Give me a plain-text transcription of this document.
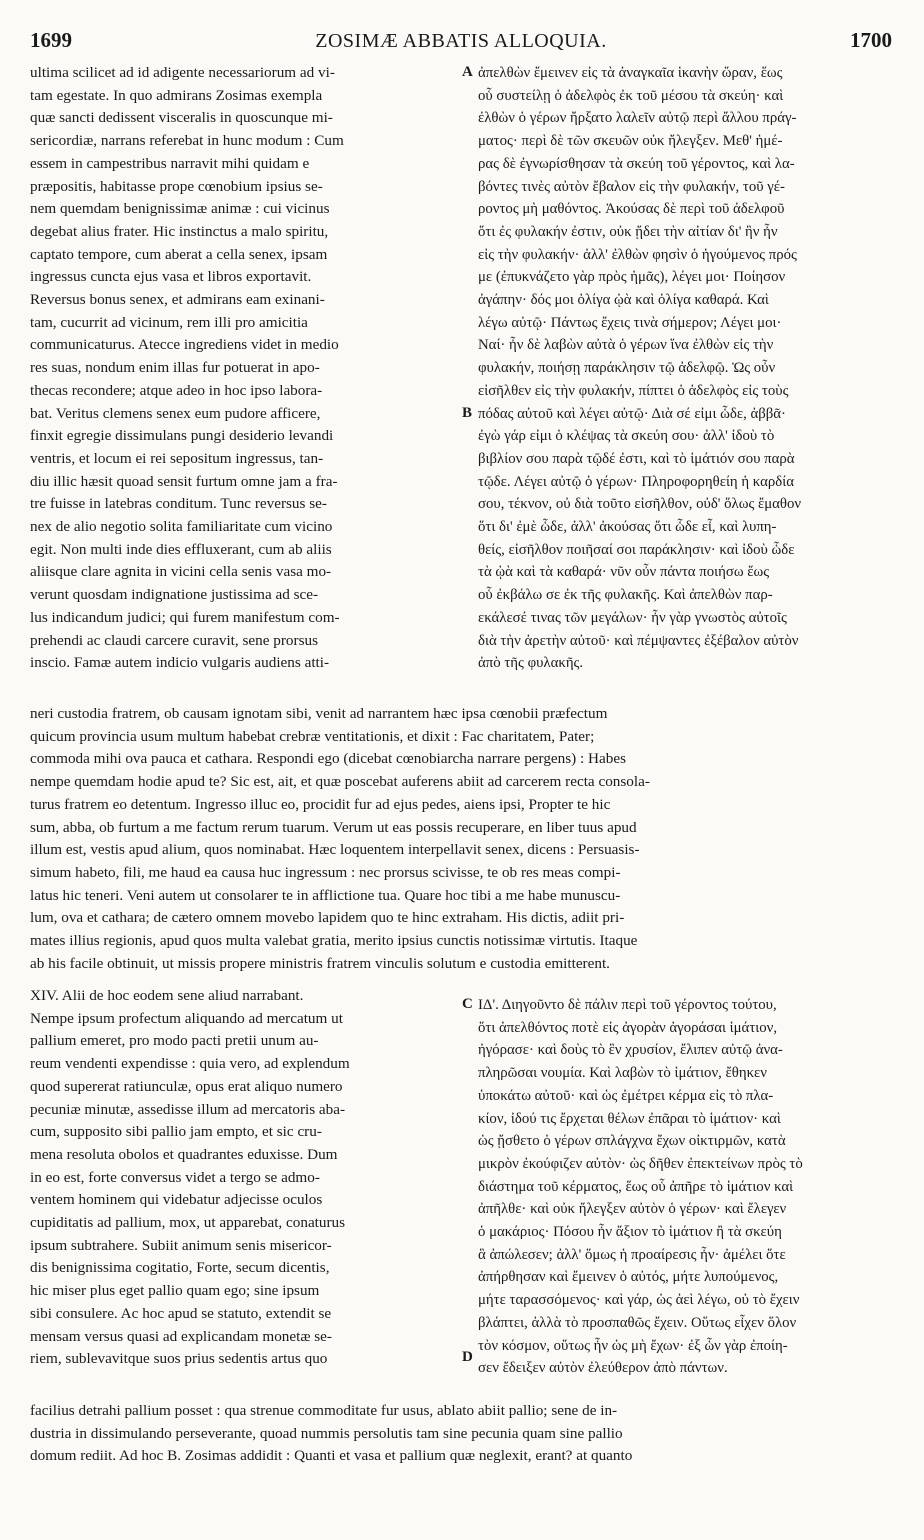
1699	ZOSIMÆ ABBATIS ALLOQUIA.	1700
A
B
C
D

ultima scilicet ad id adigente necessariorum ad vi-

tam egestate. In quo admirans Zosimas exempla

quæ sancti dedissent visceralis in quoscunque mi-

sericordiæ, narrans referebat in hunc modum : Cum

essem in campestribus narravit mihi quidam e

præpositis, habitasse prope cœnobium ipsius se-

nem quemdam benignissimæ animæ : cui vicinus

degebat alius frater. Hic instinctus a malo spiritu,

captato tempore, cum aberat a cella senex, ipsam

ingressus cuncta ejus vasa et libros exportavit.

Reversus bonus senex, et admirans eam exinani-

tam, cucurrit ad vicinum, rem illi pro amicitia

communicaturus. Atecce ingrediens videt in medio

res suas, nondum enim illas fur potuerat in apo-

thecas recondere; atque adeo in hoc ipso labora-

bat. Veritus clemens senex eum pudore afficere,

finxit egregie dissimulans pungi desiderio levandi

ventris, et locum ei rei sepositum ingressus, tan-

diu illic hæsit quoad sensit furtum omne jam a fra-

tre fuisse in latebras conditum. Tunc reversus se-

nex de alio negotio solita familiaritate cum vicino

egit. Non multi inde dies effluxerant, cum ab aliis

aliisque clare agnita in vicini cella senis vasa mo-

verunt quosdam indignatione justissima ad sce-

lus indicandum judici; qui furem manifestum com-

prehendi ac claudi carcere curavit, sene prorsus

inscio. Famæ autem indicio vulgaris audiens atti-

ἀπελθὼν ἔμεινεν εἰς τὰ ἀναγκαῖα ἱκανὴν ὥραν, ἕως

οὗ συστείλῃ ὁ ἀδελφὸς ἐκ τοῦ μέσου τὰ σκεύη· καὶ

ἐλθὼν ὁ γέρων ἤρξατο λαλεῖν αὐτῷ περὶ ἄλλου πράγ-

ματος· περὶ δὲ τῶν σκευῶν οὐκ ἤλεγξεν. Μεθ' ἡμέ-

ρας δὲ ἐγνωρίσθησαν τὰ σκεύη τοῦ γέροντος, καὶ λα-

βόντες τινὲς αὐτὸν ἔβαλον εἰς τὴν φυλακήν, τοῦ γέ-

ροντος μὴ μαθόντος. Ἀκούσας δὲ περὶ τοῦ ἀδελφοῦ

ὅτι ἐς φυλακήν ἐστιν, οὐκ ᾔδει τὴν αἰτίαν δι' ἣν ἦν

εἰς τὴν φυλακήν· ἀλλ' ἐλθὼν φησὶν ὁ ἡγούμενος πρός

με (ἐπυκνάζετο γὰρ πρὸς ἡμᾶς), λέγει μοι· Ποίησον

ἀγάπην· δός μοι ὀλίγα ᾠὰ καὶ ὀλίγα καθαρά. Καὶ

λέγω αὐτῷ· Πάντως ἔχεις τινὰ σήμερον; Λέγει μοι·

Ναί· ἦν δὲ λαβὼν αὐτὰ ὁ γέρων ἵνα ἐλθὼν εἰς τὴν

φυλακήν, ποιήσῃ παράκλησιν τῷ ἀδελφῷ. Ὡς οὖν

εἰσῆλθεν εἰς τὴν φυλακήν, πίπτει ὁ ἀδελφὸς εἰς τοὺς

πόδας αὐτοῦ καὶ λέγει αὐτῷ· Διὰ σέ εἰμι ὧδε, ἀββᾶ·

ἐγὼ γάρ εἰμι ὁ κλέψας τὰ σκεύη σου· ἀλλ' ἰδοὺ τὸ

βιβλίον σου παρὰ τῷδέ ἐστι, καὶ τὸ ἱμάτιόν σου παρὰ

τῷδε. Λέγει αὐτῷ ὁ γέρων· Πληροφορηθείη ἡ καρδία

σου, τέκνον, οὐ διὰ τοῦτο εἰσῆλθον, οὐδ' ὅλως ἔμαθον

ὅτι δι' ἐμὲ ὧδε, ἀλλ' ἀκούσας ὅτι ὧδε εἶ, καὶ λυπη-

θείς, εἰσῆλθον ποιῆσαί σοι παράκλησιν· καὶ ἰδοὺ ὧδε

τὰ ᾠὰ καὶ τὰ καθαρά· νῦν οὖν πάντα ποιήσω ἕως

οὗ ἐκβάλω σε ἐκ τῆς φυλακῆς. Καὶ ἀπελθὼν παρ-

εκάλεσέ τινας τῶν μεγάλων· ἦν γὰρ γνωστὸς αὐτοῖς

διὰ τὴν ἀρετὴν αὐτοῦ· καὶ πέμψαντες ἐξέβαλον αὐτὸν

ἀπὸ τῆς φυλακῆς.

neri custodia fratrem, ob causam ignotam sibi, venit ad narrantem hæc ipsa cœnobii præfectum

quicum provincia usum multum habebat crebræ ventitationis, et dixit : Fac charitatem, Pater;

commoda mihi ova pauca et cathara. Respondi ego (dicebat cœnobiarcha narrare pergens) : Habes

nempe quemdam hodie apud te? Sic est, ait, et quæ poscebat auferens abiit ad carcerem recta consola-

turus fratrem eo detentum. Ingresso illuc eo, procidit fur ad ejus pedes, aiens ipsi, Propter te hic

sum, abba, ob furtum a me factum rerum tuarum. Verum ut eas possis recuperare, en liber tuus apud

illum est, vestis apud alium, quos nominabat. Hæc loquentem interpellavit senex, dicens : Persuasis-

simum habeto, fili, me haud ea causa huc ingressum : nec prorsus scivisse, te ob res meas compi-

latus hic teneri. Veni autem ut consolarer te in afflictione tua. Quare hoc tibi a me habe munuscu-

lum, ova et cathara; de cætero omnem movebo lapidem quo te hinc extraham. His dictis, adiit pri-

mates illius regionis, apud quos multa valebat gratia, merito ipsius cunctis notissimæ virtutis. Itaque

ab his facile obtinuit, ut missis propere ministris fratrem vinculis solutum e custodia emitterent.

XIV. Alii de hoc eodem sene aliud narrabant.

Nempe ipsum profectum aliquando ad mercatum ut

pallium emeret, pro modo pacti pretii unum au-

reum vendenti expendisse : quia vero, ad explendum

quod supererat ratiunculæ, opus erat aliquo numero

pecuniæ minutæ, assedisse illum ad mercatoris aba-

cum, supposito sibi pallio jam empto, et sic cru-

mena resoluta obolos et quadrantes eduxisse. Dum

in eo est, forte conversus videt a tergo se admo-

ventem hominem qui videbatur adjecisse oculos

cupiditatis ad pallium, mox, ut apparebat, conaturus

ipsum subtrahere. Subiit animum senis misericor-

dis benignissima cogitatio, Forte, secum dicentis,

hic miser plus eget pallio quam ego; sine ipsum

sibi consulere. Ac hoc apud se statuto, extendit se

mensam versus quasi ad explicandam monetæ se-

riem, sublevavitque suos prius sedentis artus quo

ΙΔ'. Διηγοῦντο δὲ πάλιν περὶ τοῦ γέροντος τούτου,

ὅτι ἀπελθόντος ποτὲ εἰς ἀγορὰν ἀγοράσαι ἱμάτιον,

ἠγόρασε· καὶ δοὺς τὸ ἓν χρυσίον, ἔλιπεν αὐτῷ ἀνα-

πληρῶσαι νουμία. Καὶ λαβὼν τὸ ἱμάτιον, ἔθηκεν

ὑποκάτω αὐτοῦ· καὶ ὡς ἐμέτρει κέρμα εἰς τὸ πλα-

κίον, ἰδού τις ἔρχεται θέλων ἐπᾶραι τὸ ἱμάτιον· καὶ

ὡς ᾔσθετο ὁ γέρων σπλάγχνα ἔχων οἰκτιρμῶν, κατὰ

μικρὸν ἐκούφιζεν αὐτὸν· ὡς δῆθεν ἐπεκτείνων πρὸς τὸ

διάστημα τοῦ κέρματος, ἕως οὗ ἀπῆρε τὸ ἱμάτιον καὶ

ἀπῆλθε· καὶ οὐκ ἤλεγξεν αὐτὸν ὁ γέρων· καὶ ἔλεγεν

ὁ μακάριος· Πόσου ἦν ἄξιον τὸ ἱμάτιον ἢ τὰ σκεύη

ἃ ἀπώλεσεν; ἀλλ' ὅμως ἡ προαίρεσις ἦν· ἀμέλει ὅτε

ἀπήρθησαν καὶ ἔμεινεν ὁ αὐτός, μήτε λυπούμενος,

μήτε ταρασσόμενος· καὶ γάρ, ὡς ἀεὶ λέγω, οὐ τὸ ἔχειν

βλάπτει, ἀλλὰ τὸ προσπαθῶς ἔχειν. Οὕτως εἶχεν ὅλον

τὸν κόσμον, οὕτως ἦν ὡς μὴ ἔχων· ἐξ ὧν γὰρ ἐποίη-

σεν ἔδειξεν αὐτὸν ἐλεύθερον ἀπὸ πάντων.

facilius detrahi pallium posset : qua strenue commoditate fur usus, ablato abiit pallio; sene de in-

dustria in dissimulando perseverante, quoad nummis persolutis tam sine pecunia quam sine pallio

domum rediit. Ad hoc B. Zosimas addidit : Quanti et vasa et pallium quæ neglexit, erant? at quanto
